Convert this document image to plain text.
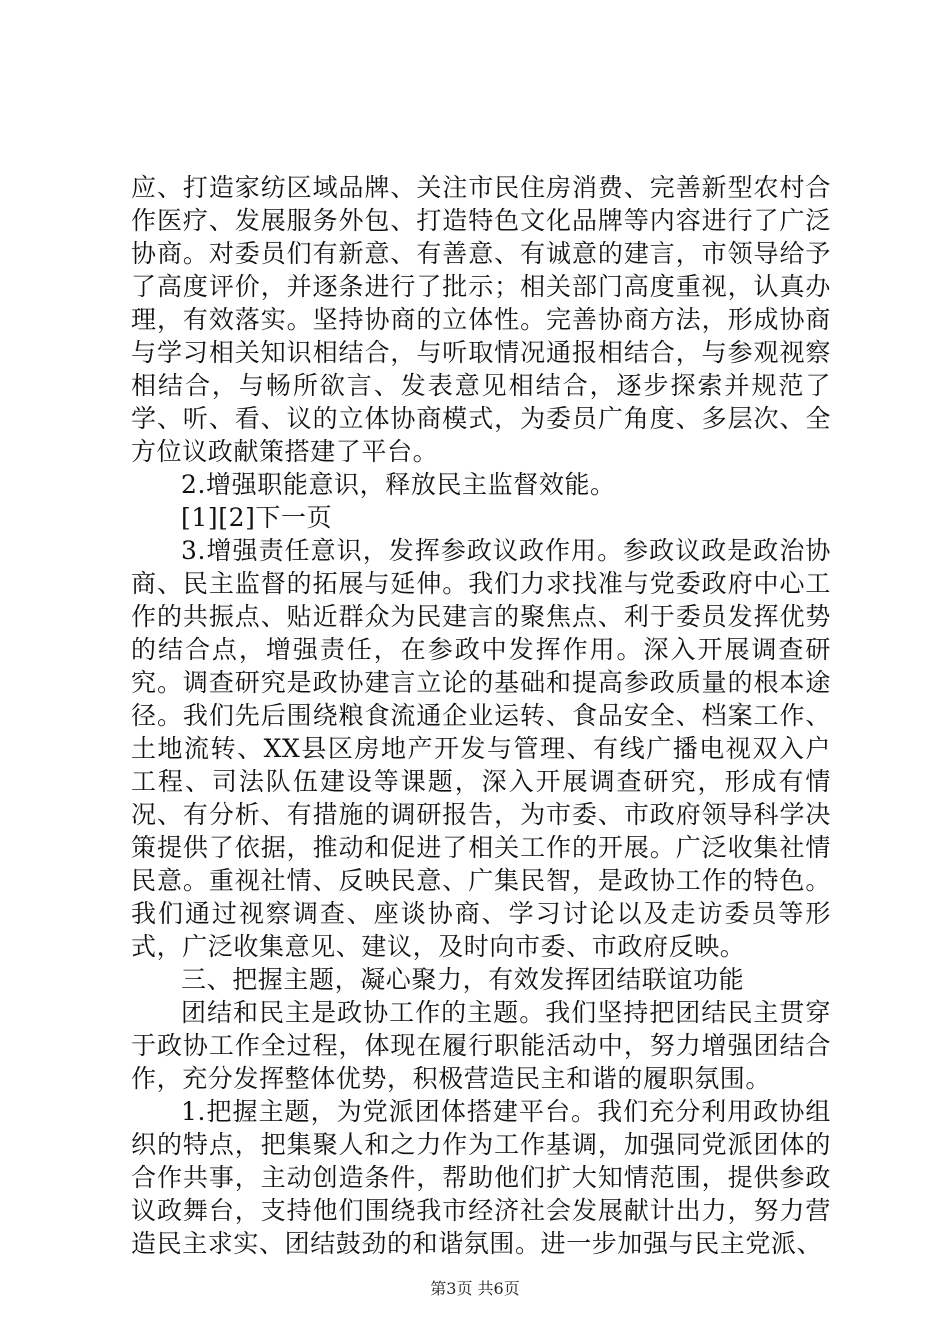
应、打造家纺区域品牌、关注市民住房消费、完善新型农村合作医疗、发展服务外包、打造特色文化品牌等内容进行了广泛协商。对委员们有新意、有善意、有诚意的建言，市领导给予了高度评价，并逐条进行了批示；相关部门高度重视，认真办理，有效落实。坚持协商的立体性。完善协商方法，形成协商与学习相关知识相结合，与听取情况通报相结合，与参观视察相结合，与畅所欲言、发表意见相结合，逐步探索并规范了学、听、看、议的立体协商模式，为委员广角度、多层次、全方位议政献策搭建了平台。

2.增强职能意识，释放民主监督效能。

[1][2]下一页

3.增强责任意识，发挥参政议政作用。参政议政是政治协商、民主监督的拓展与延伸。我们力求找准与党委政府中心工作的共振点、贴近群众为民建言的聚焦点、利于委员发挥优势的结合点，增强责任，在参政中发挥作用。深入开展调查研究。调查研究是政协建言立论的基础和提高参政质量的根本途径。我们先后围绕粮食流通企业运转、食品安全、档案工作、土地流转、XX县区房地产开发与管理、有线广播电视双入户工程、司法队伍建设等课题，深入开展调查研究，形成有情况、有分析、有措施的调研报告，为市委、市政府领导科学决策提供了依据，推动和促进了相关工作的开展。广泛收集社情民意。重视社情、反映民意、广集民智，是政协工作的特色。我们通过视察调查、座谈协商、学习讨论以及走访委员等形式，广泛收集意见、建议，及时向市委、市政府反映。

三、把握主题，凝心聚力，有效发挥团结联谊功能

团结和民主是政协工作的主题。我们坚持把团结民主贯穿于政协工作全过程，体现在履行职能活动中，努力增强团结合作，充分发挥整体优势，积极营造民主和谐的履职氛围。

1.把握主题，为党派团体搭建平台。我们充分利用政协组织的特点，把集聚人和之力作为工作基调，加强同党派团体的合作共事，主动创造条件，帮助他们扩大知情范围，提供参政议政舞台，支持他们围绕我市经济社会发展献计出力，努力营造民主求实、团结鼓劲的和谐氛围。进一步加强与民主党派、

第3页 共6页
